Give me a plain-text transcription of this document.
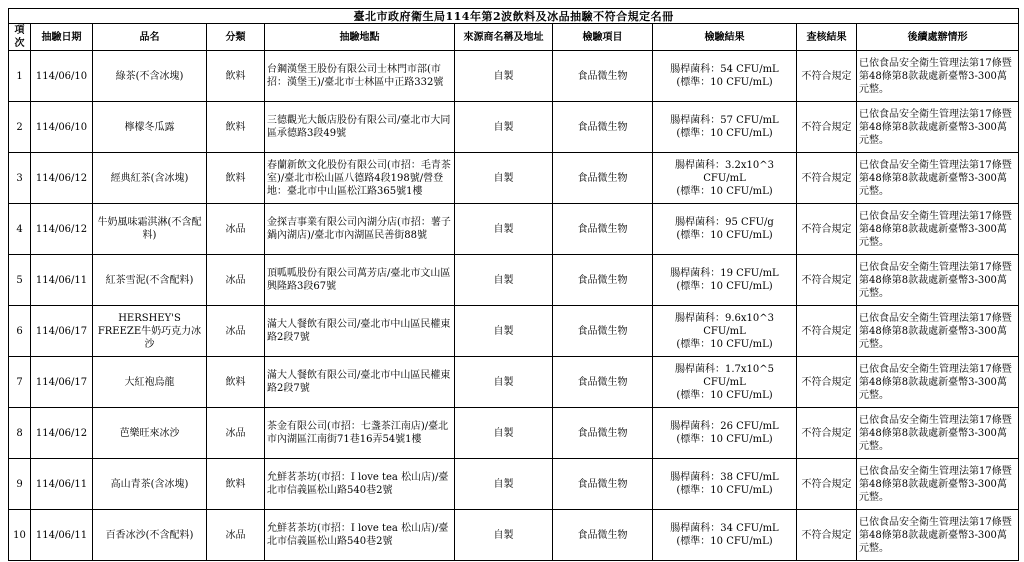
臺北市政府衛生局114年第2波飲料及冰品抽驗不符合規定名冊									
項次	抽驗日期	品名	分類	抽驗地點	來源商名稱及地址	檢驗項目	檢驗結果	查核結果	後續處辦情形
1	114/06/10	綠茶(不含冰塊)	飲料	台鋼漢堡王股份有限公司士林門市部(市招：漢堡王)/臺北市士林區中正路332號	自製	食品微生物	腸桿菌科：54 CFU/mL
(標準：10 CFU/mL)	不符合規定	已依食品安全衛生管理法第17條暨第48條第8款裁處新臺幣3-300萬元整。
2	114/06/10	檸檬冬瓜露	飲料	三德觀光大飯店股份有限公司/臺北市大同區承德路3段49號	自製	食品微生物	腸桿菌科：57 CFU/mL
(標準：10 CFU/mL)	不符合規定	已依食品安全衛生管理法第17條暨第48條第8款裁處新臺幣3-300萬元整。
3	114/06/12	經典紅茶(含冰塊)	飲料	春蘭新飲文化股份有限公司(市招：毛青茶室)/臺北市松山區八德路4段198號/營登地：臺北市中山區松江路365號1樓	自製	食品微生物	腸桿菌科：3.2x10^3 CFU/mL
(標準：10 CFU/mL)	不符合規定	已依食品安全衛生管理法第17條暨第48條第8款裁處新臺幣3-300萬元整。
4	114/06/12	牛奶風味霜淇淋(不含配料)	冰品	金探吉事業有限公司內湖分店(市招：薯子鍋內湖店)/臺北市內湖區民善街88號	自製	食品微生物	腸桿菌科：95 CFU/g
(標準：10 CFU/mL)	不符合規定	已依食品安全衛生管理法第17條暨第48條第8款裁處新臺幣3-300萬元整。
5	114/06/11	紅茶雪泥(不含配料)	冰品	頂呱呱股份有限公司萬芳店/臺北市文山區興隆路3段67號	自製	食品微生物	腸桿菌科：19 CFU/mL
(標準：10 CFU/mL)	不符合規定	已依食品安全衛生管理法第17條暨第48條第8款裁處新臺幣3-300萬元整。
6	114/06/17	HERSHEY'S FREEZE牛奶巧克力冰沙	冰品	滿大人餐飲有限公司/臺北市中山區民權東路2段7號	自製	食品微生物	腸桿菌科：9.6x10^3 CFU/mL
(標準：10 CFU/mL)	不符合規定	已依食品安全衛生管理法第17條暨第48條第8款裁處新臺幣3-300萬元整。
7	114/06/17	大紅袍烏龍	飲料	滿大人餐飲有限公司/臺北市中山區民權東路2段7號	自製	食品微生物	腸桿菌科：1.7x10^5 CFU/mL
(標準：10 CFU/mL)	不符合規定	已依食品安全衛生管理法第17條暨第48條第8款裁處新臺幣3-300萬元整。
8	114/06/12	芭樂旺來冰沙	冰品	茶金有限公司(市招：七盞茶江南店)/臺北市內湖區江南街71巷16弄54號1樓	自製	食品微生物	腸桿菌科：26 CFU/mL
(標準：10 CFU/mL)	不符合規定	已依食品安全衛生管理法第17條暨第48條第8款裁處新臺幣3-300萬元整。
9	114/06/11	高山青茶(含冰塊)	飲料	允鮮茗茶坊(市招：I love tea 松山店)/臺北市信義區松山路540巷2號	自製	食品微生物	腸桿菌科：38 CFU/mL
(標準：10 CFU/mL)	不符合規定	已依食品安全衛生管理法第17條暨第48條第8款裁處新臺幣3-300萬元整。
10	114/06/11	百香冰沙(不含配料)	冰品	允鮮茗茶坊(市招：I love tea 松山店)/臺北市信義區松山路540巷2號	自製	食品微生物	腸桿菌科：34 CFU/mL
(標準：10 CFU/mL)	不符合規定	已依食品安全衛生管理法第17條暨第48條第8款裁處新臺幣3-300萬元整。
